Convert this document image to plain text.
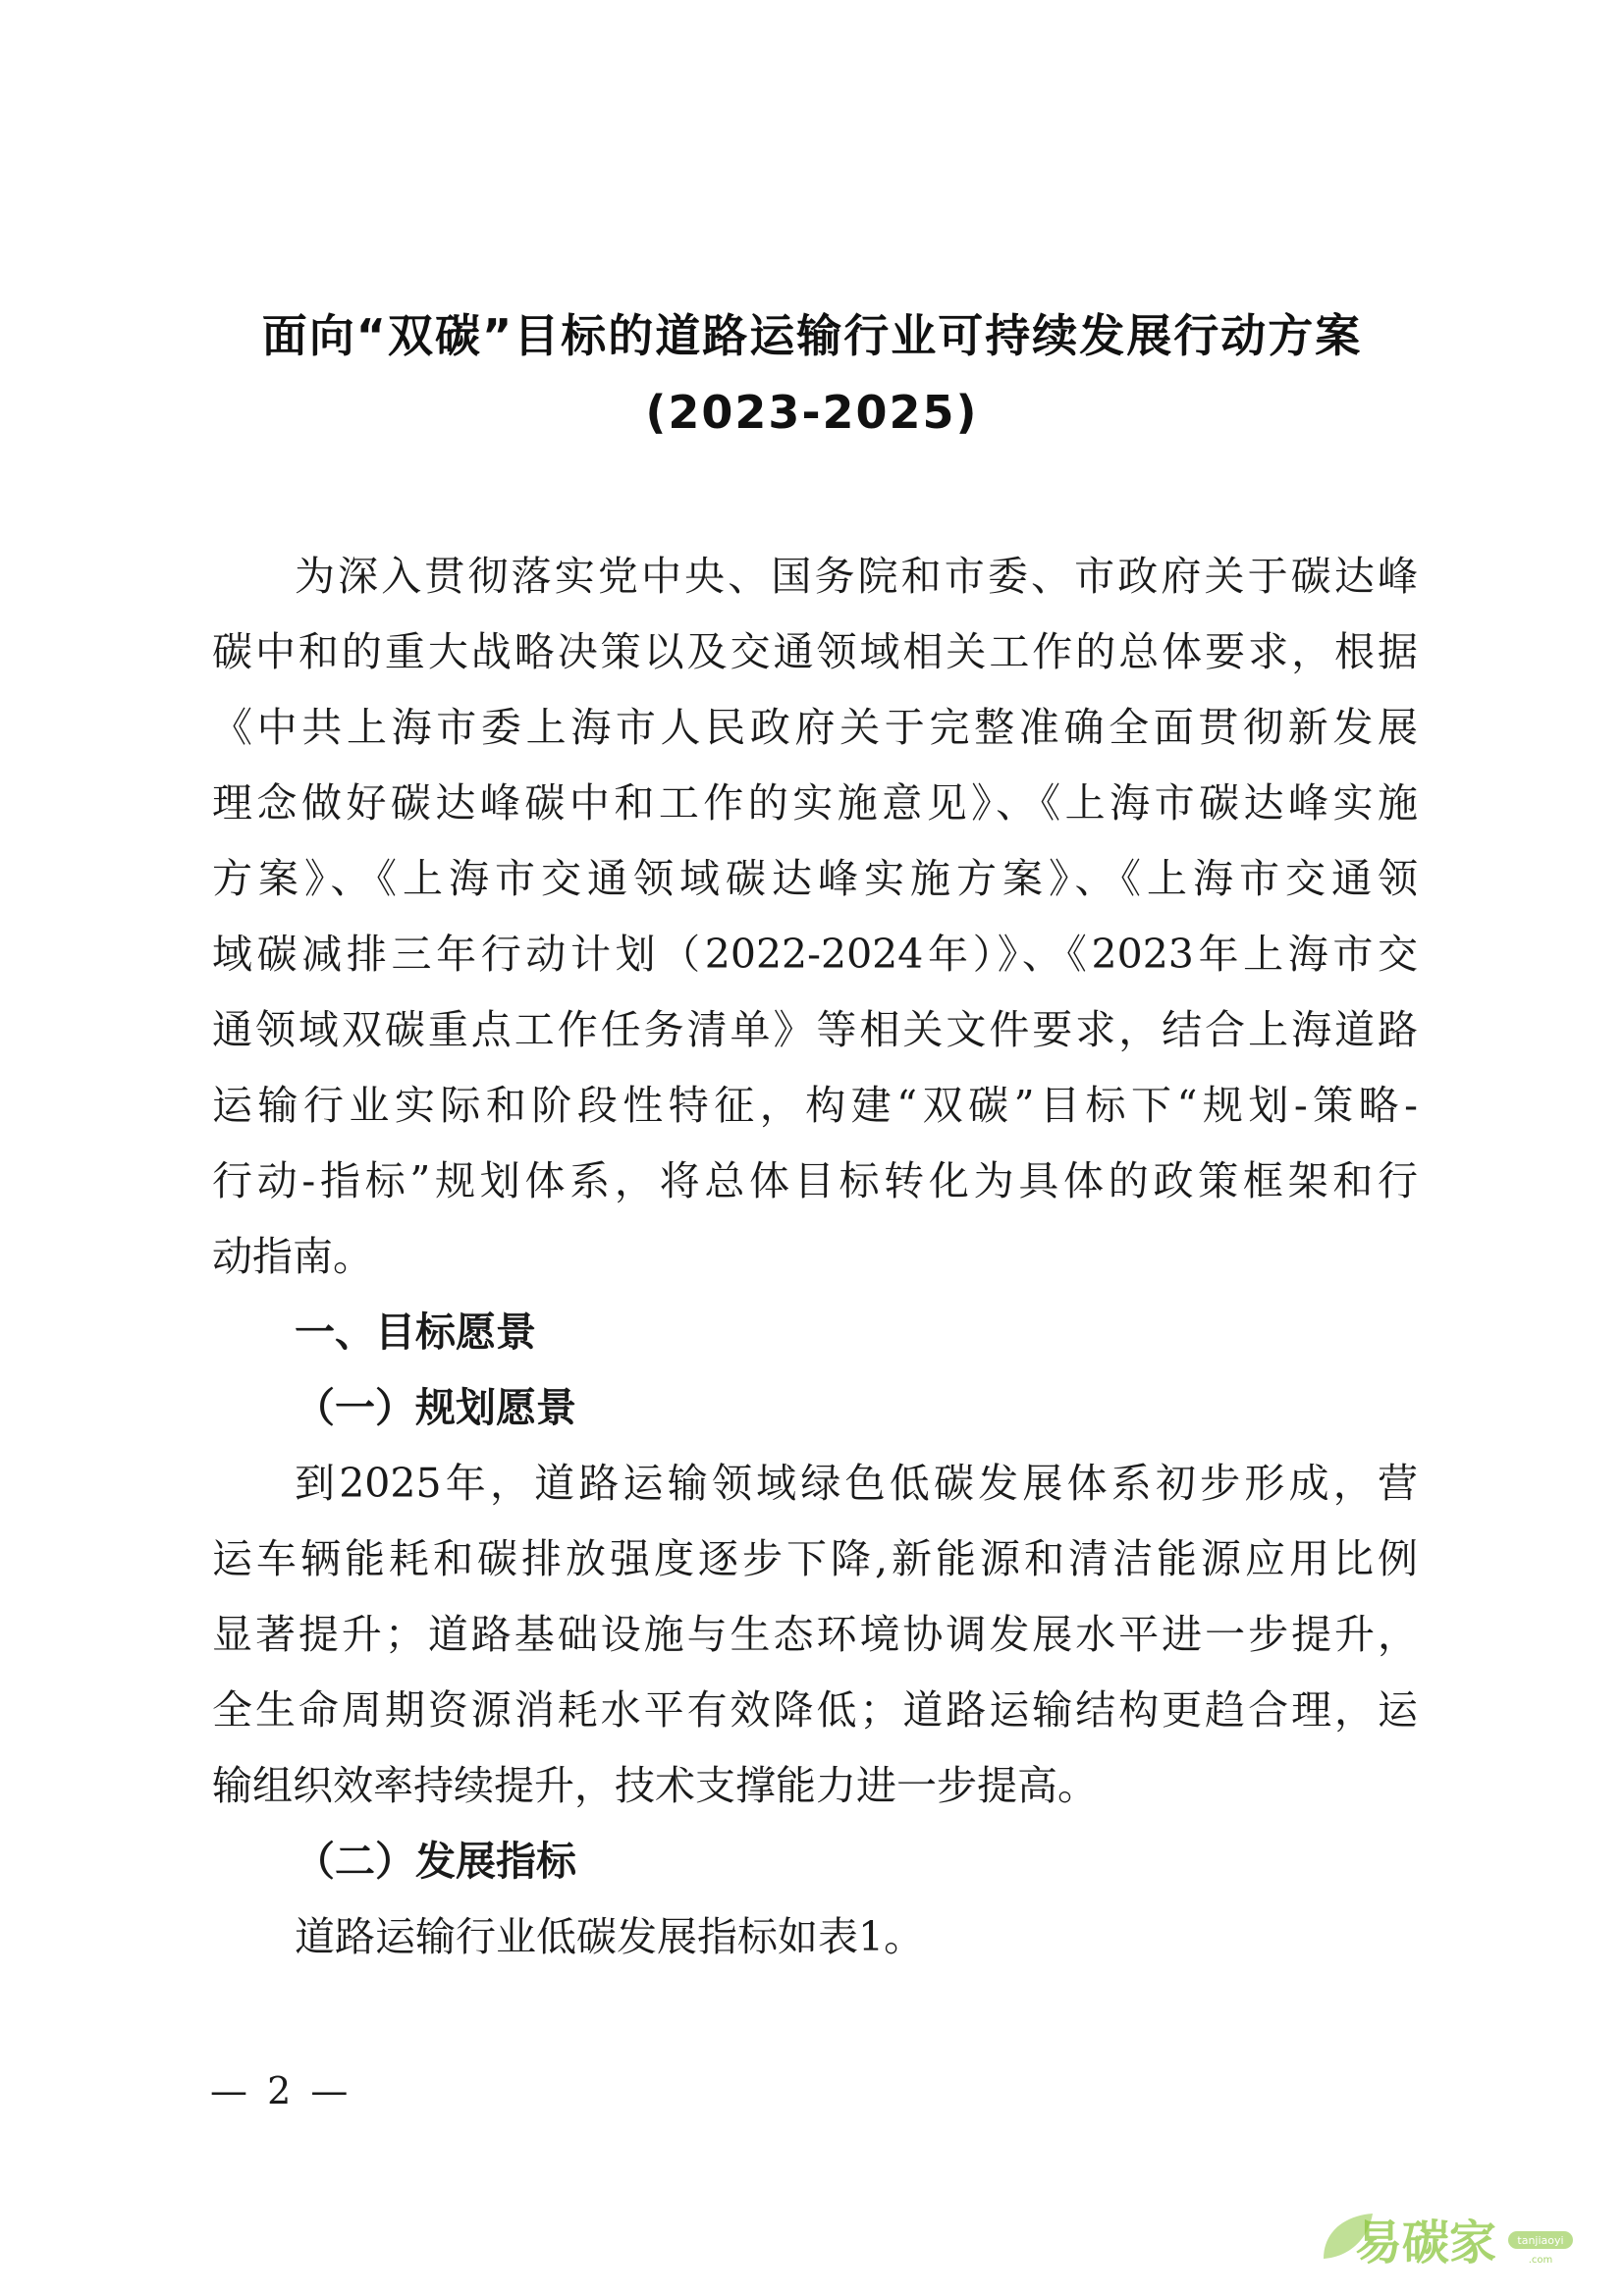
面向“双碳”目标的道路运输行业可持续发展行动方案
(2023-2025)
为深入贯彻落实党中央、国务院和市委、市政府关于碳达峰
碳中和的重大战略决策以及交通领域相关工作的总体要求，根据
《中共上海市委上海市人民政府关于完整准确全面贯彻新发展
理念做好碳达峰碳中和工作的实施意见》、《上海市碳达峰实施
方案》、《上海市交通领域碳达峰实施方案》、《上海市交通领
域碳减排三年行动计划（2022-2024年）》、《2023年上海市交
通领域双碳重点工作任务清单》等相关文件要求，结合上海道路
运输行业实际和阶段性特征，构建“双碳”目标下“规划-策略-
行动-指标”规划体系，将总体目标转化为具体的政策框架和行
动指南。
一、目标愿景
（一）规划愿景
到2025年，道路运输领域绿色低碳发展体系初步形成，营
运车辆能耗和碳排放强度逐步下降,新能源和清洁能源应用比例
显著提升；道路基础设施与生态环境协调发展水平进一步提升，
全生命周期资源消耗水平有效降低；道路运输结构更趋合理，运
输组织效率持续提升，技术支撑能力进一步提高。
（二）发展指标
道路运输行业低碳发展指标如表1。
— 2 —
易碳家 tanjiaoyi
.com
